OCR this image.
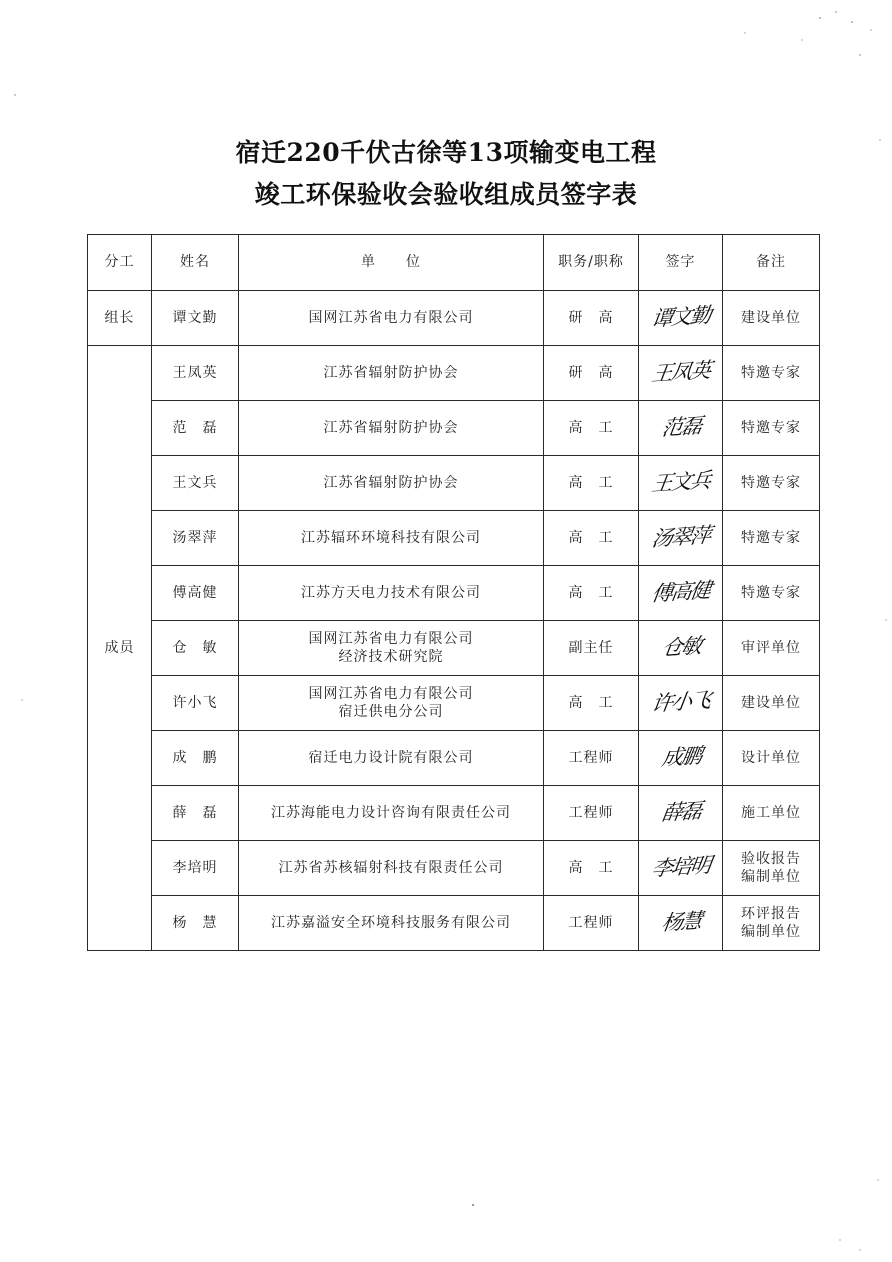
宿迁220千伏古徐等13项输变电工程
竣工环保验收会验收组成员签字表
分工	姓名	单　　位	职务/职称	签字	备注
组长	谭文勤	国网江苏省电力有限公司	研　高	谭文勤	建设单位

成员	王凤英	江苏省辐射防护协会	研　高	王凤英	特邀专家

	范　磊	江苏省辐射防护协会	高　工	范磊	特邀专家

	王文兵	江苏省辐射防护协会	高　工	王文兵	特邀专家

	汤翠萍	江苏辐环环境科技有限公司	高　工	汤翠萍	特邀专家

	傅高健	江苏方天电力技术有限公司	高　工	傅高健	特邀专家

	仓　敏	国网江苏省电力有限公司
经济技术研究院	副主任	仓敏	审评单位

	许小飞	国网江苏省电力有限公司
宿迁供电分公司	高　工	许小飞	建设单位

	成　鹏	宿迁电力设计院有限公司	工程师	成鹏	设计单位

	薛　磊	江苏海能电力设计咨询有限责任公司	工程师	薛磊	施工单位

	李培明	江苏省苏核辐射科技有限责任公司	高　工	李培明	验收报告
编制单位

	杨　慧	江苏嘉溢安全环境科技服务有限公司	工程师	杨慧	环评报告
编制单位
